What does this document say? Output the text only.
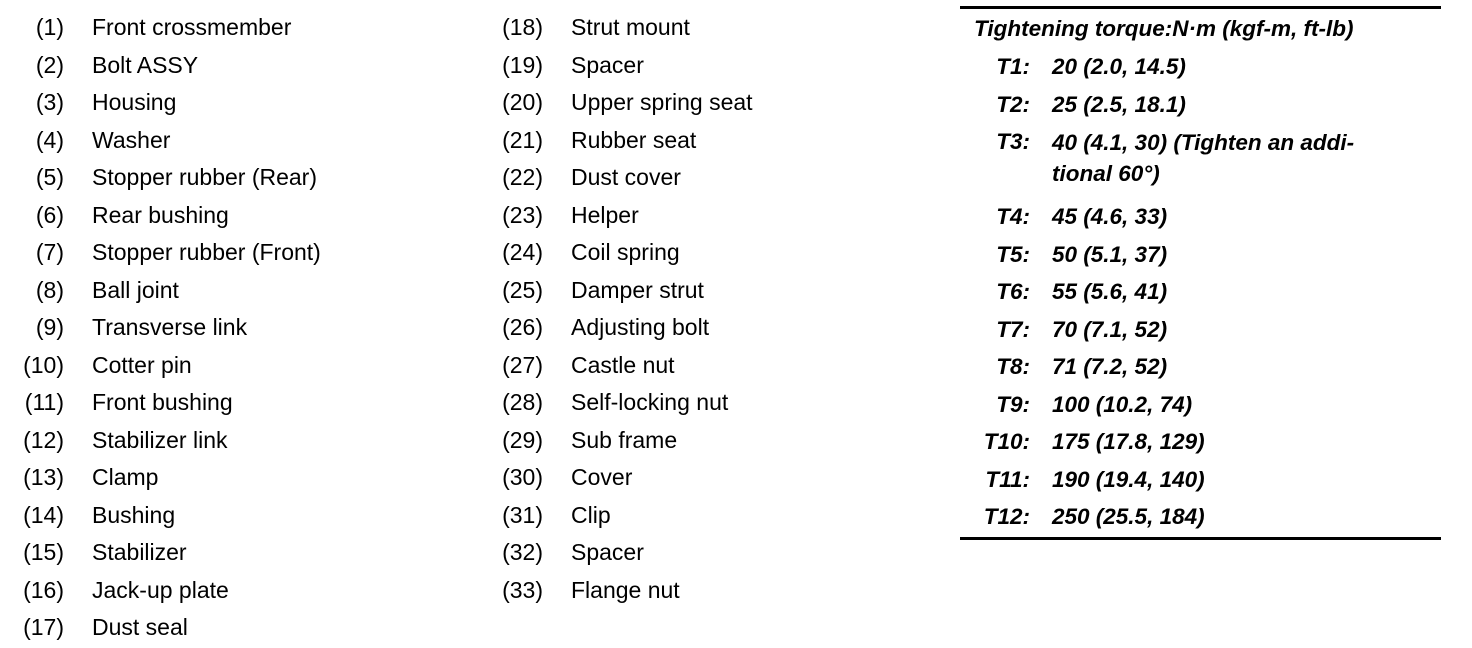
(1) Front crossmember
(2) Bolt ASSY
(3) Housing
(4) Washer
(5) Stopper rubber (Rear)
(6) Rear bushing
(7) Stopper rubber (Front)
(8) Ball joint
(9) Transverse link
(10) Cotter pin
(11) Front bushing
(12) Stabilizer link
(13) Clamp
(14) Bushing
(15) Stabilizer
(16) Jack-up plate
(17) Dust seal
(18) Strut mount
(19) Spacer
(20) Upper spring seat
(21) Rubber seat
(22) Dust cover
(23) Helper
(24) Coil spring
(25) Damper strut
(26) Adjusting bolt
(27) Castle nut
(28) Self-locking nut
(29) Sub frame
(30) Cover
(31) Clip
(32) Spacer
(33) Flange nut
Tightening torque:N·m (kgf-m, ft-lb)
T1: 20 (2.0, 14.5)
T2: 25 (2.5, 18.1)
T3: 40 (4.1, 30) (Tighten an addi-tional 60°)
T4: 45 (4.6, 33)
T5: 50 (5.1, 37)
T6: 55 (5.6, 41)
T7: 70 (7.1, 52)
T8: 71 (7.2, 52)
T9: 100 (10.2, 74)
T10: 175 (17.8, 129)
T11: 190 (19.4, 140)
T12: 250 (25.5, 184)
